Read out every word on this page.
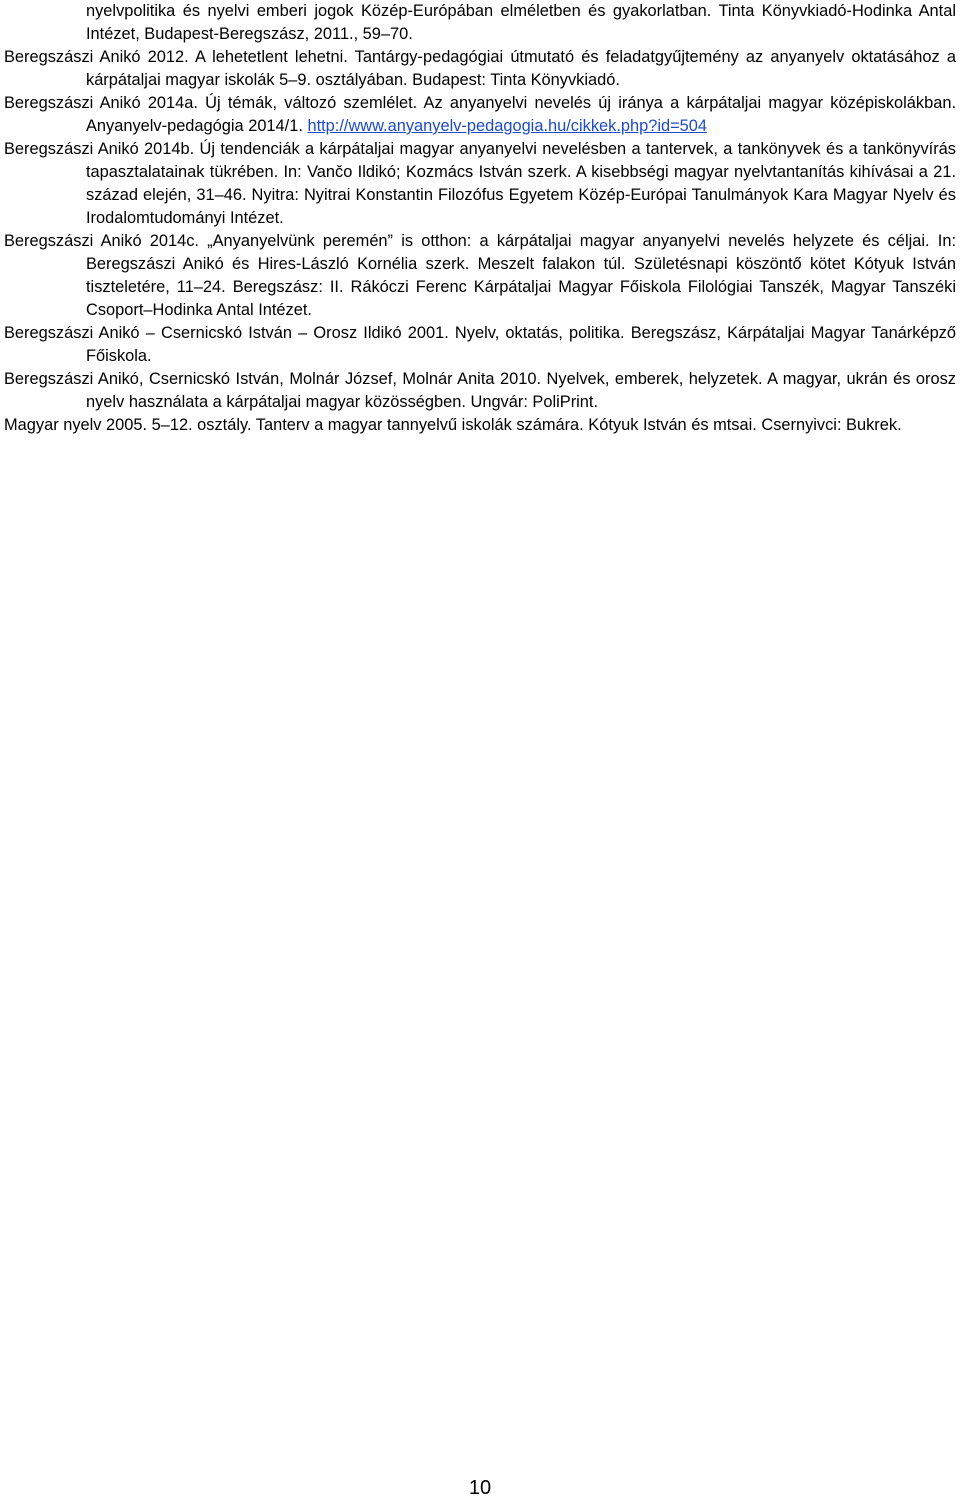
nyelvpolitika és nyelvi emberi jogok Közép-Európában elméletben és gyakorlatban. Tinta Könyvkiadó-Hodinka Antal Intézet, Budapest-Beregszász, 2011., 59–70.
Beregszászi Anikó 2012. A lehetetlent lehetni. Tantárgy-pedagógiai útmutató és feladatgyűjtemény az anyanyelv oktatásához a kárpátaljai magyar iskolák 5–9. osztályában. Budapest: Tinta Könyvkiadó.
Beregszászi Anikó 2014a. Új témák, változó szemlélet. Az anyanyelvi nevelés új iránya a kárpátaljai magyar középiskolákban. Anyanyelv-pedagógia 2014/1. http://www.anyanyelv-pedagogia.hu/cikkek.php?id=504
Beregszászi Anikó 2014b. Új tendenciák a kárpátaljai magyar anyanyelvi nevelésben a tantervek, a tankönyvek és a tankönyvírás tapasztalatainak tükrében. In: Vančo Ildikó; Kozmács István szerk. A kisebbségi magyar nyelvtantanítás kihívásai a 21. század elején, 31–46. Nyitra: Nyitrai Konstantin Filozófus Egyetem Közép-Európai Tanulmányok Kara Magyar Nyelv és Irodalomtudományi Intézet.
Beregszászi Anikó 2014c. „Anyanyelvünk peremén” is otthon: a kárpátaljai magyar anyanyelvi nevelés helyzete és céljai. In: Beregszászi Anikó és Hires-László Kornélia szerk. Meszelt falakon túl. Születésnapi köszöntő kötet Kótyuk István tiszteletére, 11–24. Beregszász: II. Rákóczi Ferenc Kárpátaljai Magyar Főiskola Filológiai Tanszék, Magyar Tanszéki Csoport–Hodinka Antal Intézet.
Beregszászi Anikó – Csernicskó István – Orosz Ildikó 2001. Nyelv, oktatás, politika. Beregszász, Kárpátaljai Magyar Tanárképző Főiskola.
Beregszászi Anikó, Csernicskó István, Molnár József, Molnár Anita 2010. Nyelvek, emberek, helyzetek. A magyar, ukrán és orosz nyelv használata a kárpátaljai magyar közösségben. Ungvár: PoliPrint.
Magyar nyelv 2005. 5–12. osztály. Tanterv a magyar tannyelvű iskolák számára. Kótyuk István és mtsai. Csernyivci: Bukrek.
10
